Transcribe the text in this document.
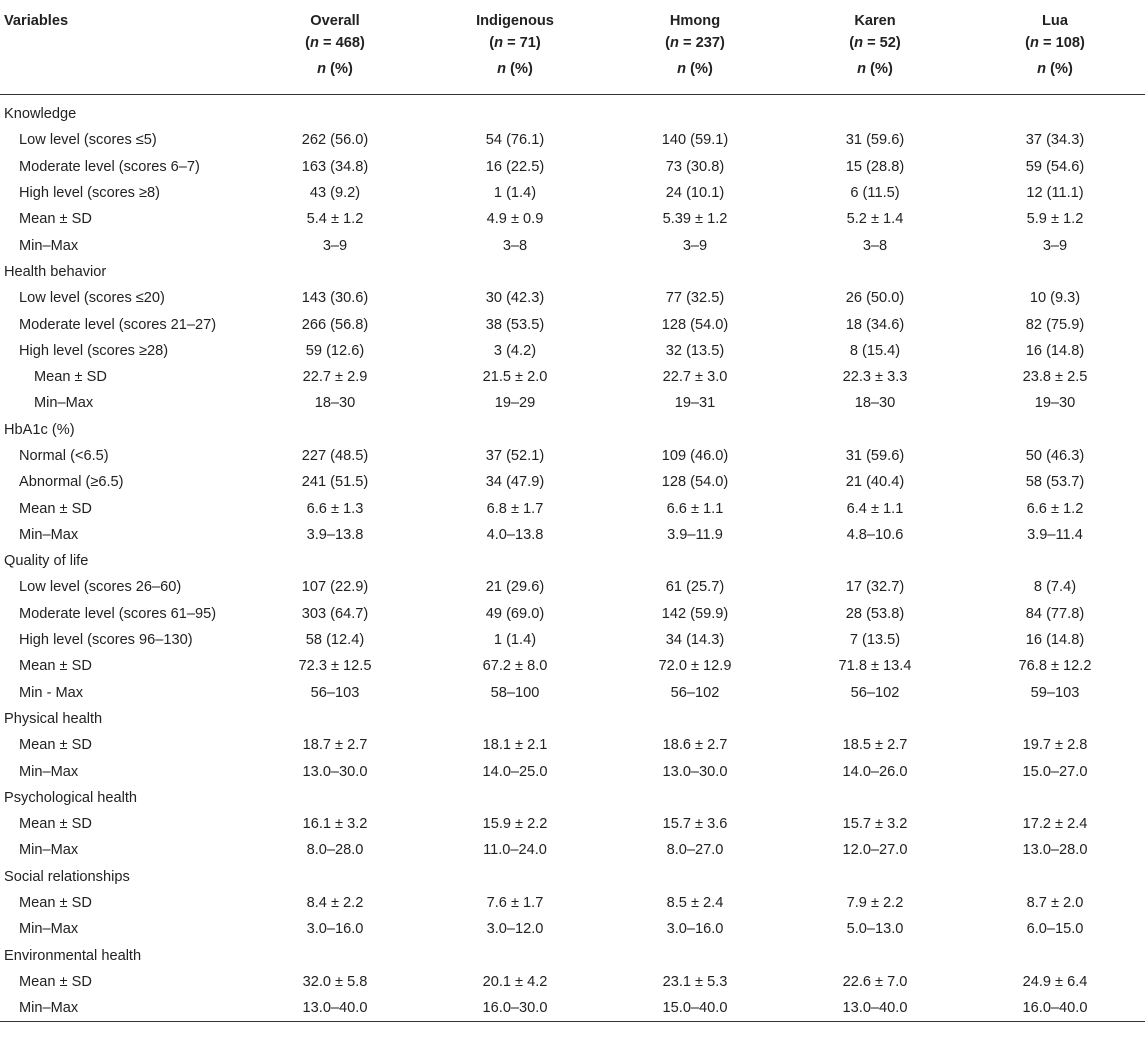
Variables	Overall	Indigenous	Hmong	Karen	Lua
	(n = 468)	(n = 71)	(n = 237)	(n = 52)	(n = 108)
	n (%)	n (%)	n (%)	n (%)	n (%)
Knowledge					
Low level (scores ≤5)	262 (56.0)	54 (76.1)	140 (59.1)	31 (59.6)	37 (34.3)
Moderate level (scores 6–7)	163 (34.8)	16 (22.5)	73 (30.8)	15 (28.8)	59 (54.6)
High level (scores ≥8)	43 (9.2)	1 (1.4)	24 (10.1)	6 (11.5)	12 (11.1)
Mean ± SD	5.4 ± 1.2	4.9 ± 0.9	5.39 ± 1.2	5.2 ± 1.4	5.9 ± 1.2
Min–Max	3–9	3–8	3–9	3–8	3–9
Health behavior					
Low level (scores ≤20)	143 (30.6)	30 (42.3)	77 (32.5)	26 (50.0)	10 (9.3)
Moderate level (scores 21–27)	266 (56.8)	38 (53.5)	128 (54.0)	18 (34.6)	82 (75.9)
High level (scores ≥28)	59 (12.6)	3 (4.2)	32 (13.5)	8 (15.4)	16 (14.8)
Mean ± SD	22.7 ± 2.9	21.5 ± 2.0	22.7 ± 3.0	22.3 ± 3.3	23.8 ± 2.5
Min–Max	18–30	19–29	19–31	18–30	19–30
HbA1c (%)					
Normal (<6.5)	227 (48.5)	37 (52.1)	109 (46.0)	31 (59.6)	50 (46.3)
Abnormal (≥6.5)	241 (51.5)	34 (47.9)	128 (54.0)	21 (40.4)	58 (53.7)
Mean ± SD	6.6 ± 1.3	6.8 ± 1.7	6.6 ± 1.1	6.4 ± 1.1	6.6 ± 1.2
Min–Max	3.9–13.8	4.0–13.8	3.9–11.9	4.8–10.6	3.9–11.4
Quality of life					
Low level (scores 26–60)	107 (22.9)	21 (29.6)	61 (25.7)	17 (32.7)	8 (7.4)
Moderate level (scores 61–95)	303 (64.7)	49 (69.0)	142 (59.9)	28 (53.8)	84 (77.8)
High level (scores 96–130)	58 (12.4)	1 (1.4)	34 (14.3)	7 (13.5)	16 (14.8)
Mean ± SD	72.3 ± 12.5	67.2 ± 8.0	72.0 ± 12.9	71.8 ± 13.4	76.8 ± 12.2
Min - Max	56–103	58–100	56–102	56–102	59–103
Physical health					
Mean ± SD	18.7 ± 2.7	18.1 ± 2.1	18.6 ± 2.7	18.5 ± 2.7	19.7 ± 2.8
Min–Max	13.0–30.0	14.0–25.0	13.0–30.0	14.0–26.0	15.0–27.0
Psychological health					
Mean ± SD	16.1 ± 3.2	15.9 ± 2.2	15.7 ± 3.6	15.7 ± 3.2	17.2 ± 2.4
Min–Max	8.0–28.0	11.0–24.0	8.0–27.0	12.0–27.0	13.0–28.0
Social relationships					
Mean ± SD	8.4 ± 2.2	7.6 ± 1.7	8.5 ± 2.4	7.9 ± 2.2	8.7 ± 2.0
Min–Max	3.0–16.0	3.0–12.0	3.0–16.0	5.0–13.0	6.0–15.0
Environmental health					
Mean ± SD	32.0 ± 5.8	20.1 ± 4.2	23.1 ± 5.3	22.6 ± 7.0	24.9 ± 6.4
Min–Max	13.0–40.0	16.0–30.0	15.0–40.0	13.0–40.0	16.0–40.0
